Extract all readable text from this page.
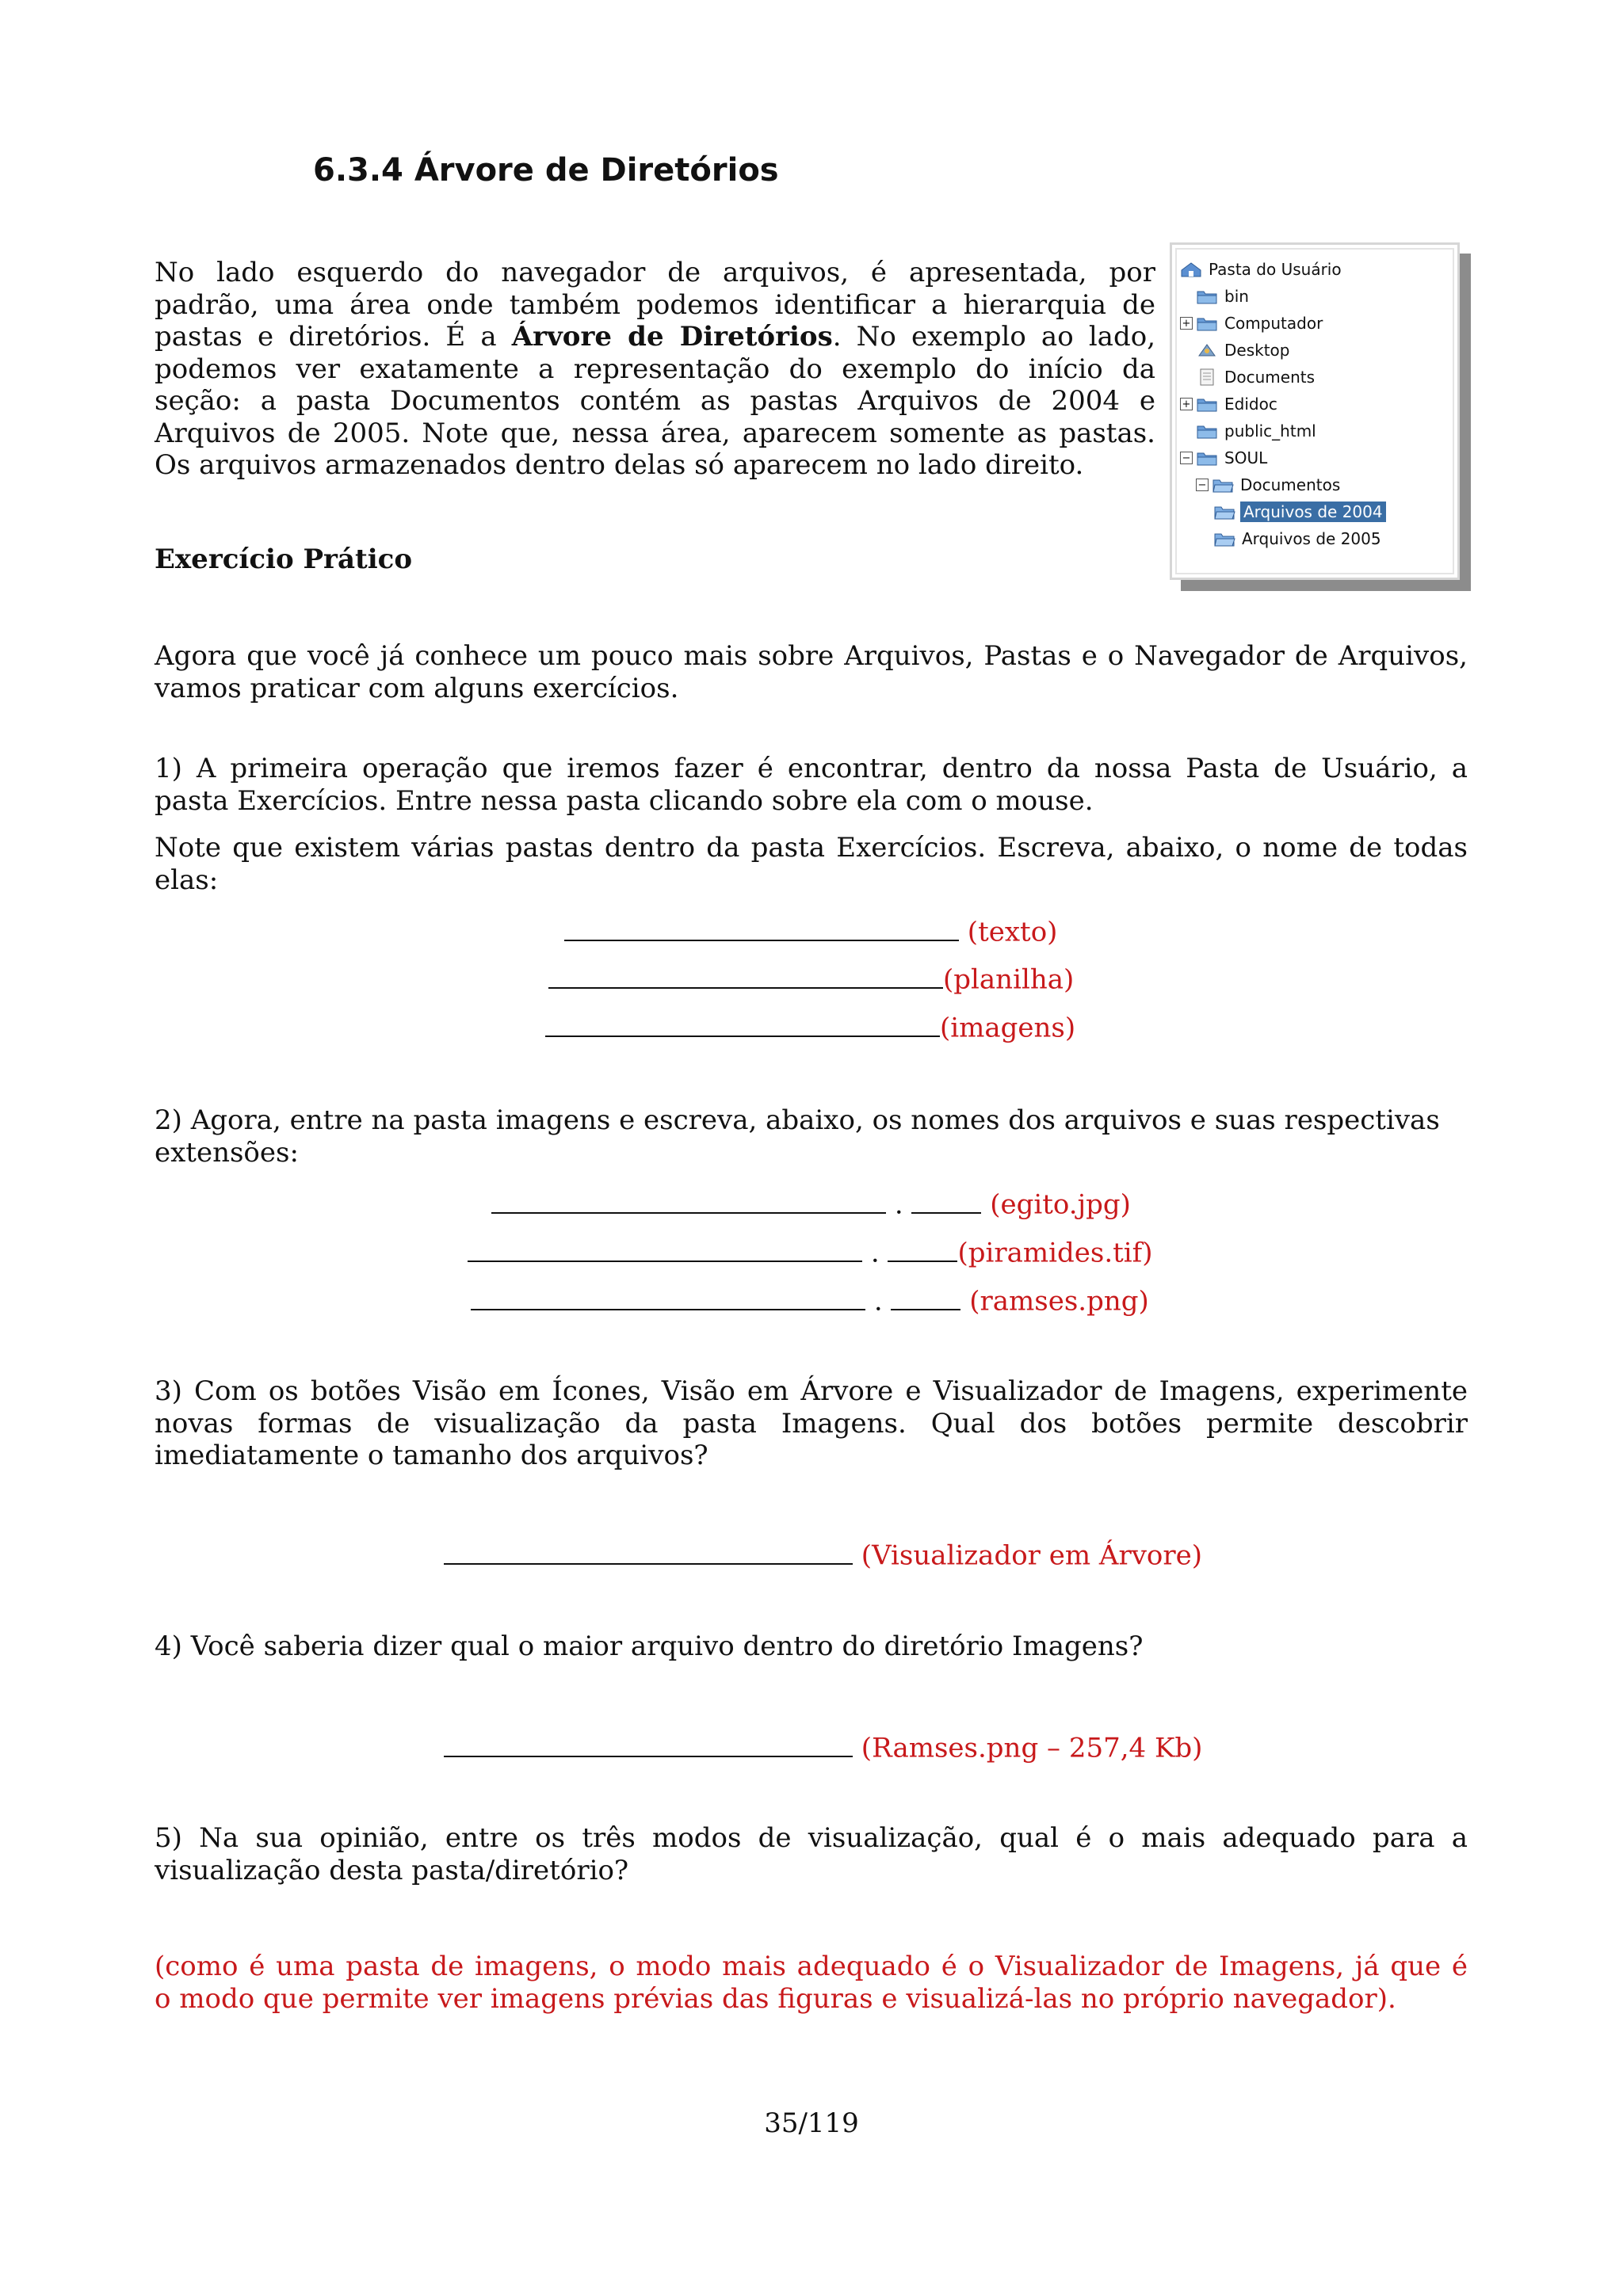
6.3.4 Árvore de Diretórios
No lado esquerdo do navegador de arquivos, é apresentada, por
padrão, uma área onde também podemos identificar a hierarquia de
pastas e diretórios. É a Árvore de Diretórios. No exemplo ao lado,
podemos ver exatamente a representação do exemplo do início da
seção: a pasta Documentos contém as pastas Arquivos de 2004 e
Arquivos de 2005. Note que, nessa área, aparecem somente as pastas.
Os arquivos armazenados dentro delas só aparecem no lado direito.
Pasta do Usuário
bin
+ Computador
Desktop
Documents
+ Edidoc
public_html
− SOUL
− Documentos
Arquivos de 2004
Arquivos de 2005
Exercício Prático
Agora que você já conhece um pouco mais sobre Arquivos, Pastas e o Navegador de Arquivos,
vamos praticar com alguns exercícios.
1) A primeira operação que iremos fazer é encontrar, dentro da nossa Pasta de Usuário, a
pasta Exercícios. Entre nessa pasta clicando sobre ela com o mouse.
Note que existem várias pastas dentro da pasta Exercícios. Escreva, abaixo, o nome de todas
elas:
(texto)
(planilha)
(imagens)
2) Agora, entre na pasta imagens e escreva, abaixo, os nomes dos arquivos e suas respectivas
extensões:
.	(egito.jpg)
.	(piramides.tif)
.	(ramses.png)
3) Com os botões Visão em Ícones, Visão em Árvore e Visualizador de Imagens, experimente
novas formas de visualização da pasta Imagens. Qual dos botões permite descobrir
imediatamente o tamanho dos arquivos?
(Visualizador em Árvore)
4) Você saberia dizer qual o maior arquivo dentro do diretório Imagens?
(Ramses.png – 257,4 Kb)
5) Na sua opinião, entre os três modos de visualização, qual é o mais adequado para a
visualização desta pasta/diretório?
(como é uma pasta de imagens, o modo mais adequado é o Visualizador de Imagens, já que é
o modo que permite ver imagens prévias das figuras e visualizá-las no próprio navegador).
35/119
